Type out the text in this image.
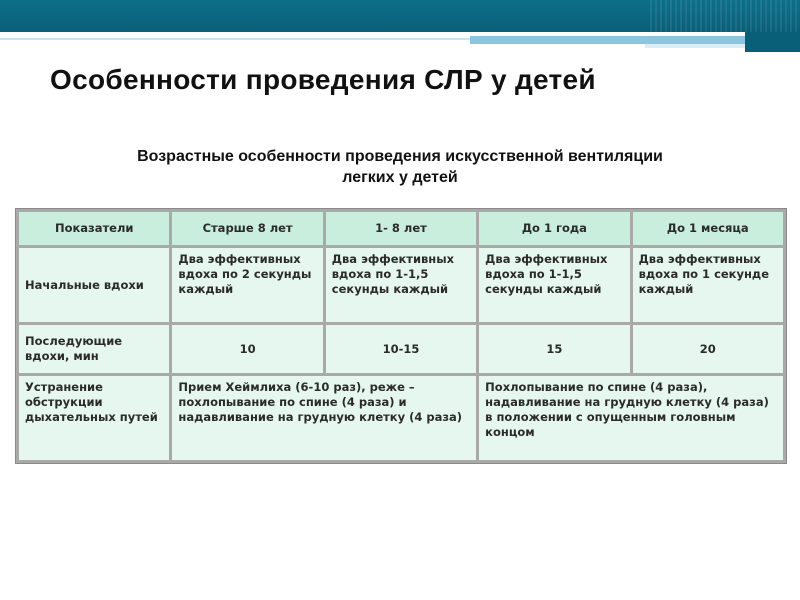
Особенности проведения СЛР у детей
Возрастные особенности проведения искусственной вентиляции
легких у детей
Показатели	Старше 8 лет	1- 8 лет	До 1 года	До 1 месяца
Начальные вдохи	Два эффективных вдоха по 2 секунды каждый	Два эффективных вдоха по 1-1,5 секунды каждый	Два эффективных вдоха по 1-1,5 секунды каждый	Два эффективных вдоха по 1 секунде каждый
Последующие вдохи, мин	10	10-15	15	20
Устранение обструкции дыхательных путей	Прием Хеймлиха (6-10 раз), реже – похлопывание по спине (4 раза) и надавливание на грудную клетку (4 раза)		Похлопывание по спине (4 раза), надавливание на грудную клетку (4 раза) в положении с опущенным головным концом	
